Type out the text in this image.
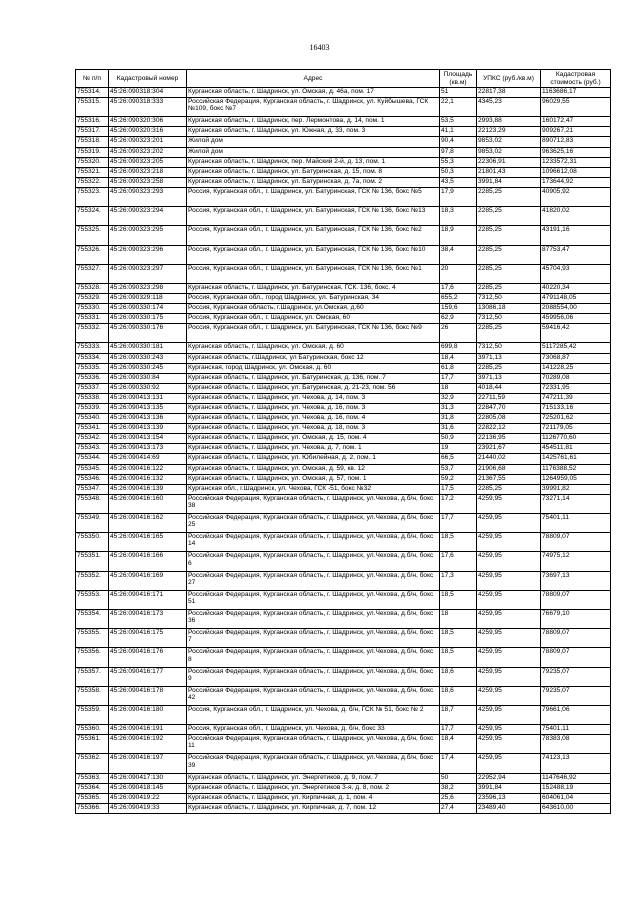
16403
№ п/п	Кадастровый номер	Адрес	Площадь (кв.м)	УПКС (руб./кв.м)	Кадастровая стоимость (руб.)
755314.	45:26:090318:304	Курганская область, г. Шадринск, ул. Омская, д. 46а, пом. 17	51	22817,38	1163686,17
755315.	45:26:090318:333	Российская Федерация, Курганская область, г. Шадринск, ул. Куйбышева, ГСК №109, бокс №7	22,1	4345,23	96029,55
755316.	45:26:090320:306	Курганская область, г. Шадринск, пер. Лермонтова, д. 14, пом. 1	53,5	2993,88	160172,47
755317.	45:26:090320:316	Курганская область, г. Шадринск, ул. Южная, д. 33, пом. 3	41,1	22123,29	909267,21
755318.	45:26:090323:201	Жилой дом	90,4	9853,02	890712,83
755319.	45:26:090323:202	Жилой дом	97,8	9853,02	963625,16
755320.	45:26:090323:205	Курганская область, г. Шадринск, пер. Майский 2-й, д. 13, пом. 1	55,3	22306,91	1233572,31
755321.	45:26:090323:218	Курганская область, г. Шадринск, ул. Батуринская, д. 15, пом. 8	50,3	21801,43	1096612,08
755322.	45:26:090323:258	Курганская область, г. Шадринск, ул. Батуринская, д. 7а, пом. 2	43,5	3991,84	173644,92
755323.	45:26:090323:293	Россия, Курганская обл., г. Шадринск, ул. Батуринская, ГСК № 136, бокс №5	17,9	2285,25	40905,92
755324.	45:26:090323:294	Россия, Курганская обл., г. Шадринск, ул. Батуринская, ГСК № 136, бокс №13	18,3	2285,25	41820,02
755325.	45:26:090323:295	Россия, Курганская обл., г. Шадринск, ул. Батуринская, ГСК № 136, бокс №2	18,9	2285,25	43191,16
755326.	45:26:090323:296	Россия, Курганская обл., г. Шадринск, ул. Батуринская, ГСК № 136, бокс №10	38,4	2285,25	87753,47
755327.	45:26:090323:297	Россия, Курганская обл., г. Шадринск, ул. Батуринская, ГСК № 136, бокс №1	20	2285,25	45704,93
755328.	45:26:090323:298	Курганская область, г. Шадринск, ул. Батуринская, ГСК. 136, бокс. 4	17,6	2285,25	40220,34
755329.	45:26:090329:118	Россия, Курганская обл., город Шадринск, ул. Батуринская, 34	655,2	7312,50	4791148,05
755330.	45:26:090330:174	Россия, Курганская область, г.Шадринск, ул.Омская, д.60	159,6	13086,18	2088554,00
755331.	45:26:090330:175	Россия, Курганская обл., г. Шадринск, ул. Омская, 60	62,9	7312,50	459956,06
755332.	45:26:090330:176	Россия, Курганская обл., г. Шадринск, ул. Батуринская, ГСК № 136, бокс №9	26	2285,25	59416,42
755333.	45:26:090330:181	Курганская область, г. Шадринск, ул. Омская, д. 60	699,8	7312,50	5117285,42
755334.	45:26:090330:243	Курганская область, г.Шадринск, ул Батуринская, бокс 12	18,4	3971,13	73068,87
755335.	45:26:090330:245	Курганская, город Шадринск, ул. Омская, д. 60	61,8	2285,25	141228,25
755336.	45:26:090330:84	Курганская область, г. Шадринск, ул. Батуринская, д. 136, пом. 7	17,7	3971,13	70289,08
755337.	45:26:090330:92	Курганская область, г. Шадринск, ул. Батуринская, д. 21-23, пом. 56	18	4018,44	72331,95
755338.	45:26:090413:131	Курганская область, г. Шадринск, ул. Чехова, д. 14, пом. 3	32,9	22711,59	747211,39
755339.	45:26:090413:135	Курганская область, г. Шадринск, ул. Чехова, д. 16, пом. 3	31,3	22847,70	715133,16
755340.	45:26:090413:136	Курганская область, г. Шадринск, ул. Чехова, д. 16, пом. 4	31,8	22805,08	725201,62
755341.	45:26:090413:139	Курганская область, г. Шадринск, ул. Чехова, д. 18, пом. 3	31,6	22822,12	721179,05
755342.	45:26:090413:154	Курганская область, г. Шадринск, ул. Омская, д. 15, пом. 4	50,9	22136,95	1126770,60
755343.	45:26:090413:173	Курганская область, г. Шадринск, ул. Чехова, д. 7, пом. 1	19	23921,67	454511,81
755344.	45:26:090414:69	Курганская область, г. Шадринск, ул. Юбилейная, д. 2, пом. 1	66,5	21440,02	1425761,61
755345.	45:26:090416:122	Курганская область, г. Шадринск, ул. Омская, д. 59, кв. 12	53,7	21906,68	1176388,52
755346.	45:26:090416:132	Курганская область, г. Шадринск, ул. Омская, д. 57, пом. 1	59,2	21367,55	1264959,05
755347.	45:26:090416:139	Курганская обл., г.Шадринск, ул. Чехова, ГСК -51, бокс №32	17,5	2285,25	39991,82
755348.	45:26:090416:160	Российская Федерация, Курганская область, г. Шадринск, ул.Чехова, д.б/н, бокс 38	17,2	4259,95	73271,14
755349.	45:26:090416:162	Российская Федерация, Курганская область, г. Шадринск, ул.Чехова, д.б/н, бокс 25	17,7	4259,95	75401,11
755350.	45:26:090416:165	Российская Федерация, Курганская область, г. Шадринск, ул.Чехова, д.б/н, бокс 14	18,5	4259,95	78809,07
755351.	45:26:090416:166	Российская Федерация, Курганская область, г. Шадринск, ул.Чехова, д.б/н, бокс 6	17,6	4259,95	74975,12
755352.	45:26:090416:169	Российская Федерация, Курганская область, г. Шадринск, ул.Чехова, д.б/н, бокс 27	17,3	4259,95	73697,13
755353.	45:26:090416:171	Российская Федерация, Курганская область, г. Шадринск, ул.Чехова, д.б/н, бокс 51	18,5	4259,95	78809,07
755354.	45:26:090416:173	Российская Федерация, Курганская область, г. Шадринск, ул.Чехова, д.б/н, бокс 36	18	4259,95	76679,10
755355.	45:26:090416:175	Российская Федерация, Курганская область, г. Шадринск, ул.Чехова, д.б/н, бокс 7	18,5	4259,95	78809,07
755356.	45:26:090416:176	Российская Федерация, Курганская область, г. Шадринск, ул.Чехова, д.б/н, бокс 8	18,5	4259,95	78809,07
755357.	45:26:090416:177	Российская Федерация, Курганская область, г. Шадринск, ул.Чехова, д.б/н, бокс 9	18,6	4259,95	79235,07
755358.	45:26:090416:178	Российская Федерация, Курганская область, г. Шадринск, ул.Чехова, д.б/н, бокс 42	18,6	4259,95	79235,07
755359.	45:26:090416:180	Россия, Курганская обл., г. Шадринск, ул. Чехова, д. б/н, ГСК № 51, бокс № 2	18,7	4259,95	79661,06
755360.	45:26:090416:191	Россия, Курганская обл., г. Шадринск, ул. Чехова, д. б/н, бокс 33	17,7	4259,95	75401,11
755361.	45:26:090416:192	Российская Федерация, Курганская область, г. Шадринск, ул.Чехова, д.б/н, бокс 11	18,4	4259,95	78383,08
755362.	45:26:090416:197	Российская Федерация, Курганская область, г. Шадринск, ул.Чехова, д.б/н, бокс 39	17,4	4259,95	74123,13
755363.	45:26:090417:130	Курганская область, г. Шадринск, ул. Энергетиков, д. 9, пом. 7	50	22952,94	1147646,92
755364.	45:26:090418:145	Курганская область, г. Шадринск, ул. Энергетиков 3-я, д. 8, пом. 2	38,2	3991,84	152488,19
755365.	45:26:090419:22	Курганская область, г. Шадринск, ул. Кирпичная, д. 1, пом. 4	25,6	23596,13	604061,04
755366.	45:26:090419:33	Курганская область, г. Шадринск, ул. Кирпичная, д. 7, пом. 12	27,4	23489,40	643610,00
